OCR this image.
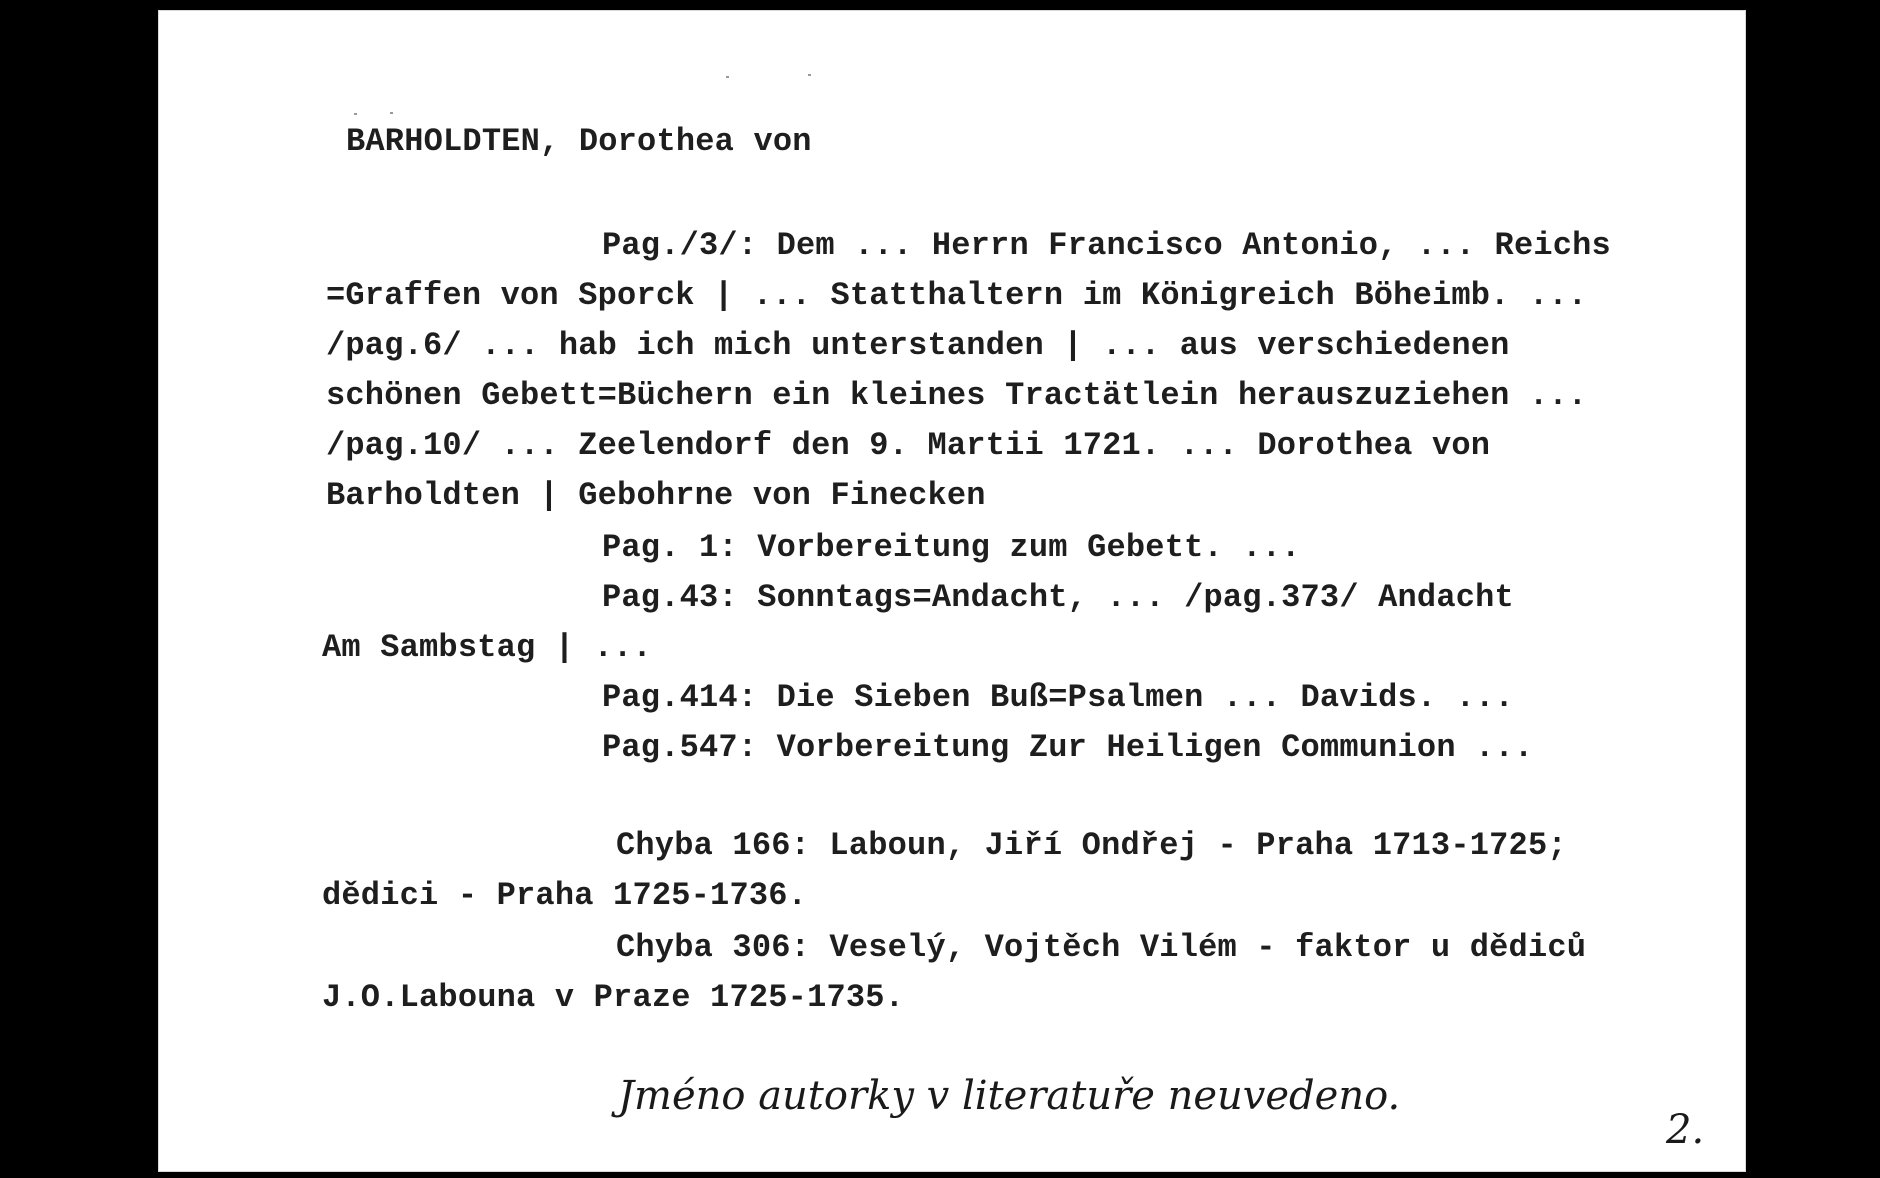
BARHOLDTEN, Dorothea von
Pag./3/: Dem ... Herrn Francisco Antonio, ... Reichs
=Graffen von Sporck | ... Statthaltern im Königreich Böheimb. ...
/pag.6/ ... hab ich mich unterstanden | ... aus verschiedenen
schönen Gebett=Büchern ein kleines Tractätlein herauszuziehen ...
/pag.10/ ... Zeelendorf den 9. Martii 1721. ... Dorothea von
Barholdten | Gebohrne von Finecken
Pag. 1: Vorbereitung zum Gebett. ...
Pag.43: Sonntags=Andacht, ... /pag.373/ Andacht
Am Sambstag | ...
Pag.414: Die Sieben Buß=Psalmen ... Davids. ...
Pag.547: Vorbereitung Zur Heiligen Communion ...
Chyba 166: Laboun, Jiří Ondřej - Praha 1713-1725;
dědici - Praha 1725-1736.
Chyba 306: Veselý, Vojtěch Vilém - faktor u dědiců
J.O.Labouna v Praze 1725-1735.
Jméno autorky v literatuře neuvedeno.
2.
